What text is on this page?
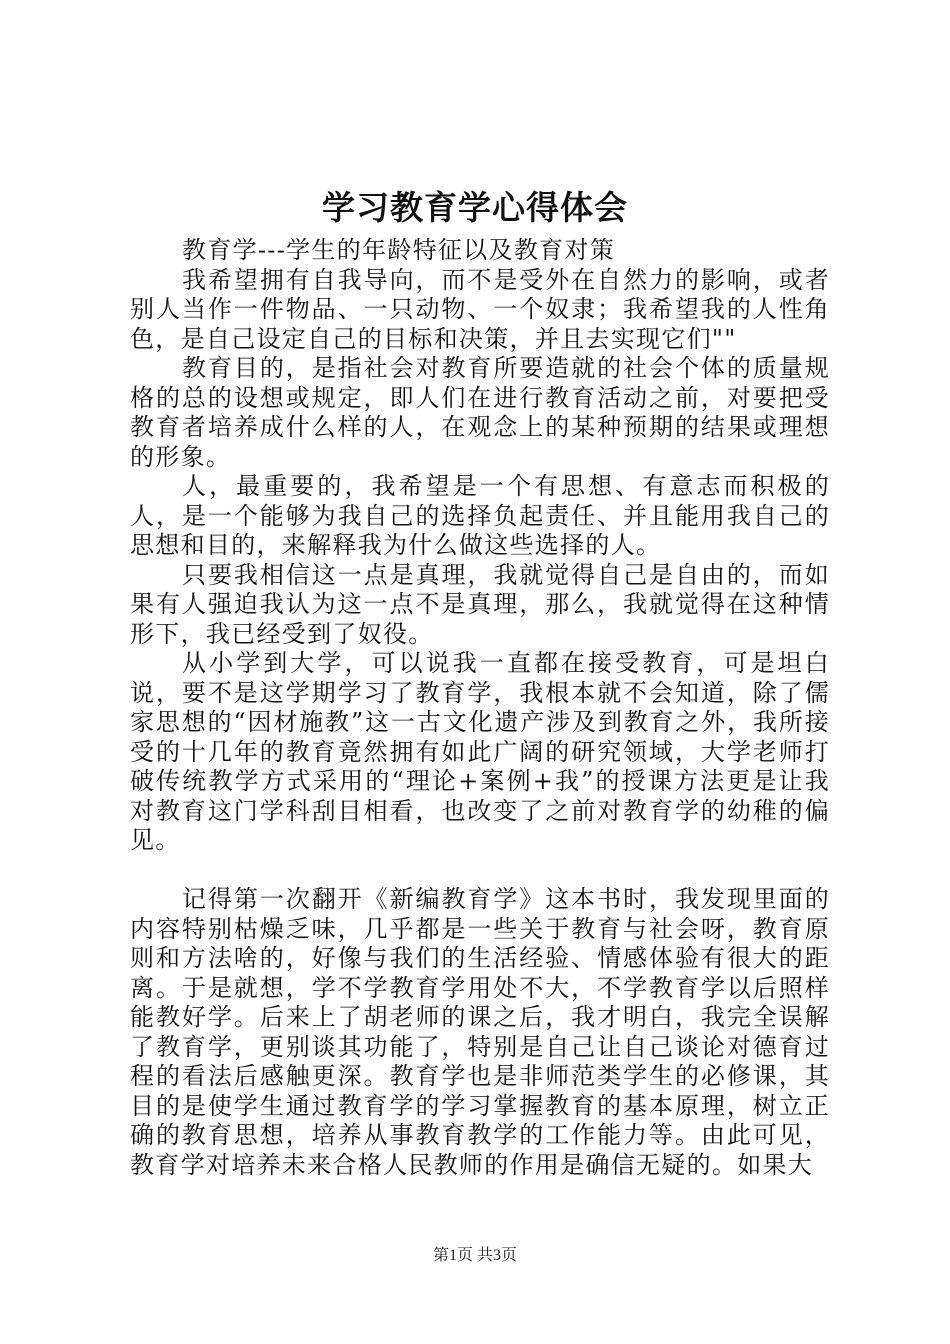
学习教育学心得体会

教育学---学生的年龄特征以及教育对策

我希望拥有自我导向，而不是受外在自然力的影响，或者别人当作一件物品、一只动物、一个奴隶；我希望我的人性角色，是自己设定自己的目标和决策，并且去实现它们""

教育目的，是指社会对教育所要造就的社会个体的质量规格的总的设想或规定，即人们在进行教育活动之前，对要把受教育者培养成什么样的人，在观念上的某种预期的结果或理想的形象。

人，最重要的，我希望是一个有思想、有意志而积极的人，是一个能够为我自己的选择负起责任、并且能用我自己的思想和目的，来解释我为什么做这些选择的人。

只要我相信这一点是真理，我就觉得自己是自由的，而如果有人强迫我认为这一点不是真理，那么，我就觉得在这种情形下，我已经受到了奴役。

从小学到大学，可以说我一直都在接受教育，可是坦白说，要不是这学期学习了教育学，我根本就不会知道，除了儒家思想的“因材施教”这一古文化遗产涉及到教育之外，我所接受的十几年的教育竟然拥有如此广阔的研究领域，大学老师打破传统教学方式采用的“理论+案例+我”的授课方法更是让我对教育这门学科刮目相看，也改变了之前对教育学的幼稚的偏见。

记得第一次翻开《新编教育学》这本书时，我发现里面的内容特别枯燥乏味，几乎都是一些关于教育与社会呀，教育原则和方法啥的，好像与我们的生活经验、情感体验有很大的距离。于是就想，学不学教育学用处不大，不学教育学以后照样能教好学。后来上了胡老师的课之后，我才明白，我完全误解了教育学，更别谈其功能了，特别是自己让自己谈论对德育过程的看法后感触更深。教育学也是非师范类学生的必修课，其目的是使学生通过教育学的学习掌握教育的基本原理，树立正确的教育思想，培养从事教育教学的工作能力等。由此可见，教育学对培养未来合格人民教师的作用是确信无疑的。如果大

第1页 共3页
